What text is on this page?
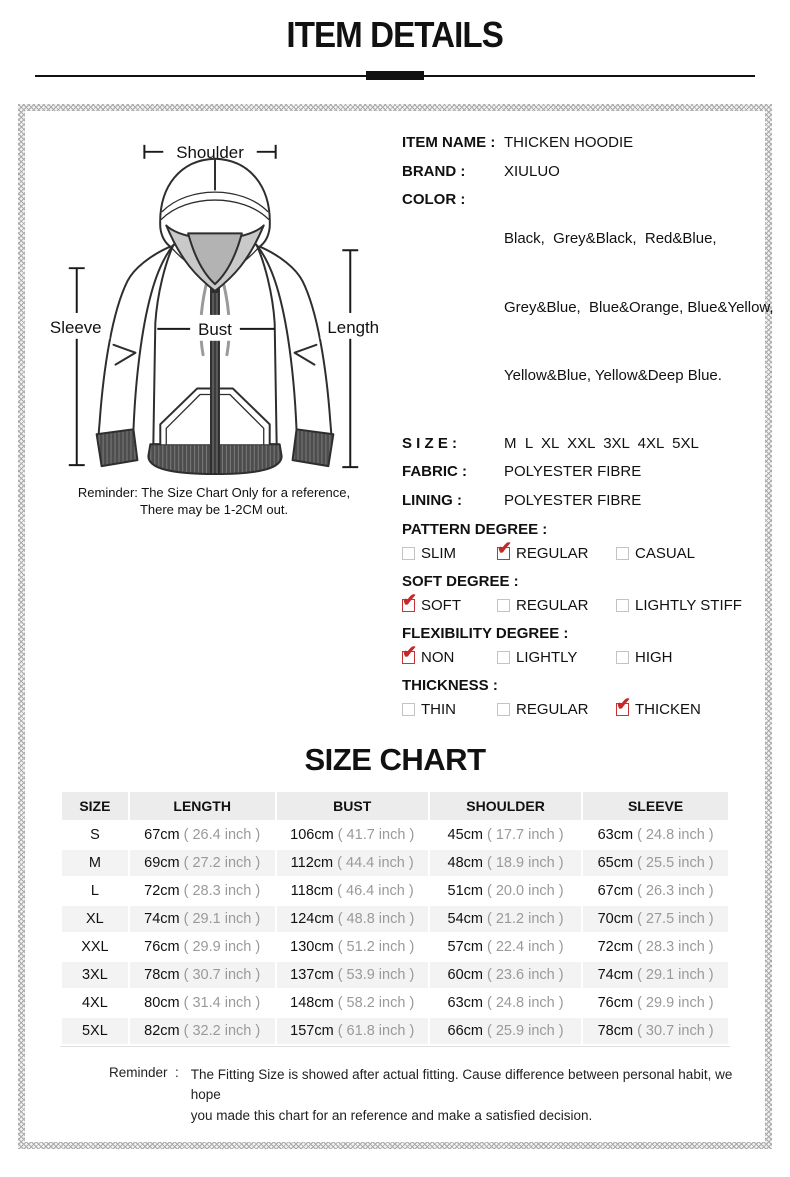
ITEM DETAILS
Shoulder
Sleeve	Length
Bust
Reminder: The Size Chart Only for a reference,
There may be 1-2CM out.
ITEM NAME : THICKEN HOODIE
BRAND :	XIULUO
COLOR :

Black,  Grey&Black,  Red&Blue,

Grey&Blue,  Blue&Orange, Blue&Yellow,

Yellow&Blue, Yellow&Deep Blue.

S I Z E :	M  L  XL  XXL  3XL  4XL  5XL
FABRIC :	POLYESTER FIBRE
LINING :	POLYESTER FIBRE
PATTERN DEGREE :
SLIM ✔	REGULAR	CASUAL
SOFT DEGREE :
✔
SOFT	REGULAR	LIGHTLY STIFF
FLEXIBILITY DEGREE :
✔
NON	LIGHTLY	HIGH
THICKNESS :
THIN	REGULAR ✔	THICKEN
SIZE CHART
SIZE	LENGTH	BUST	SHOULDER	SLEEVE
S	67cm ( 26.4 inch )	106cm ( 41.7 inch )	45cm ( 17.7 inch )	63cm ( 24.8 inch )
M	69cm ( 27.2 inch )	112cm ( 44.4 inch )	48cm ( 18.9 inch )	65cm ( 25.5 inch )
L	72cm ( 28.3 inch )	118cm ( 46.4 inch )	51cm ( 20.0 inch )	67cm ( 26.3 inch )
XL	74cm ( 29.1 inch )	124cm ( 48.8 inch )	54cm ( 21.2 inch )	70cm ( 27.5 inch )
XXL	76cm ( 29.9 inch )	130cm ( 51.2 inch )	57cm ( 22.4 inch )	72cm ( 28.3 inch )
3XL	78cm ( 30.7 inch )	137cm ( 53.9 inch )	60cm ( 23.6 inch )	74cm ( 29.1 inch )
4XL	80cm ( 31.4 inch )	148cm ( 58.2 inch )	63cm ( 24.8 inch )	76cm ( 29.9 inch )
5XL	82cm ( 32.2 inch )	157cm ( 61.8 inch )	66cm ( 25.9 inch )	78cm ( 30.7 inch )
Reminder  : The Fitting Size is showed after actual fitting. Cause difference between personal habit, we hope
you made this chart for an reference and make a satisfied decision.
